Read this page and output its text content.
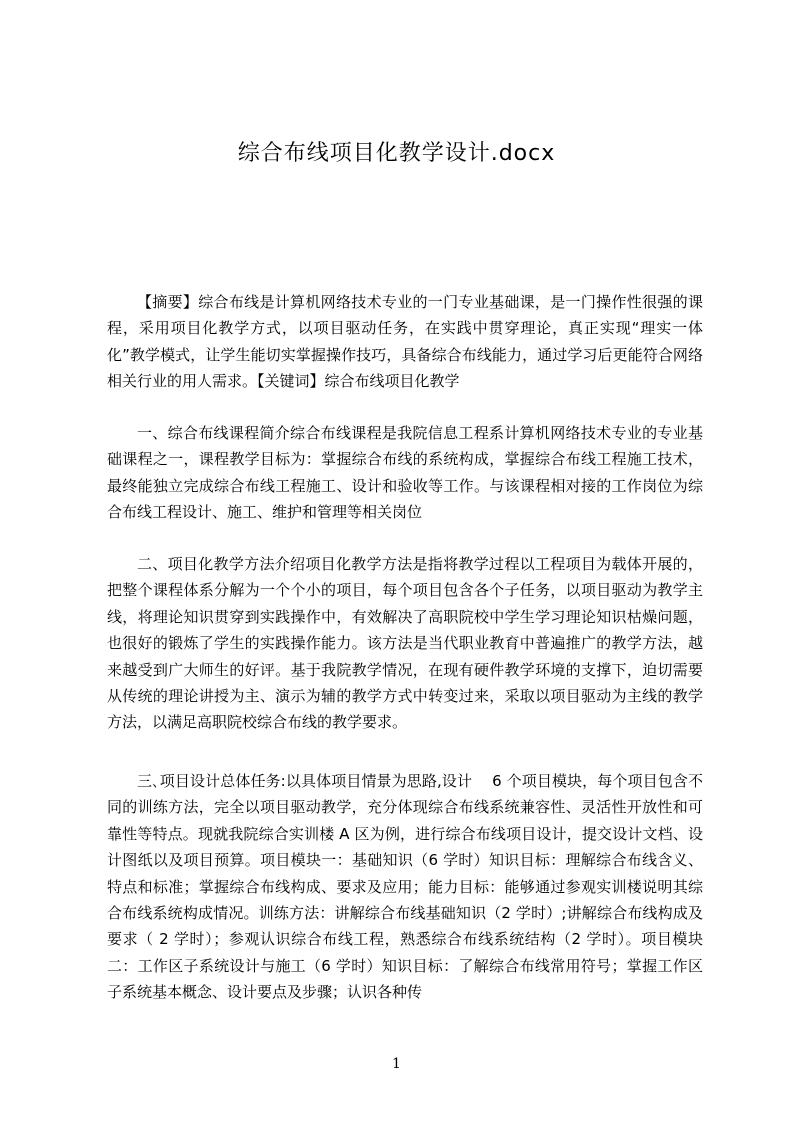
综合布线项目化教学设计.docx

【摘要】综合布线是计算机网络技术专业的一门专业基础课，是一门操作性很强的课程，采用项目化教学方式，以项目驱动任务，在实践中贯穿理论，真正实现“理实一体化”教学模式，让学生能切实掌握操作技巧，具备综合布线能力，通过学习后更能符合网络相关行业的用人需求。【关键词】综合布线项目化教学

一、综合布线课程简介综合布线课程是我院信息工程系计算机网络技术专业的专业基础课程之一，课程教学目标为：掌握综合布线的系统构成，掌握综合布线工程施工技术，最终能独立完成综合布线工程施工、设计和验收等工作。与该课程相对接的工作岗位为综合布线工程设计、施工、维护和管理等相关岗位

二、项目化教学方法介绍项目化教学方法是指将教学过程以工程项目为载体开展的，把整个课程体系分解为一个个小的项目，每个项目包含各个子任务，以项目驱动为教学主线，将理论知识贯穿到实践操作中，有效解决了高职院校中学生学习理论知识枯燥问题，也很好的锻炼了学生的实践操作能力。该方法是当代职业教育中普遍推广的教学方法，越来越受到广大师生的好评。基于我院教学情况，在现有硬件教学环境的支撑下，迫切需要从传统的理论讲授为主、演示为辅的教学方式中转变过来，采取以项目驱动为主线的教学方法，以满足高职院校综合布线的教学要求。

三､项目设计总体任务:以具体项目情景为思路,设计　 6 个项目模块，每个项目包含不同的训练方法，完全以项目驱动教学，充分体现综合布线系统兼容性、灵活性开放性和可靠性等特点。现就我院综合实训楼 A 区为例，进行综合布线项目设计，提交设计文档、设计图纸以及项目预算。项目模块一：基础知识（6 学时）知识目标：理解综合布线含义、特点和标准；掌握综合布线构成、要求及应用；能力目标：能够通过参观实训楼说明其综合布线系统构成情况。训练方法：讲解综合布线基础知识（2 学时）;讲解综合布线构成及要求（ 2 学时）；参观认识综合布线工程，熟悉综合布线系统结构（2 学时）。项目模块二：工作区子系统设计与施工（6 学时）知识目标：了解综合布线常用符号；掌握工作区子系统基本概念、设计要点及步骤；认识各种传

1
